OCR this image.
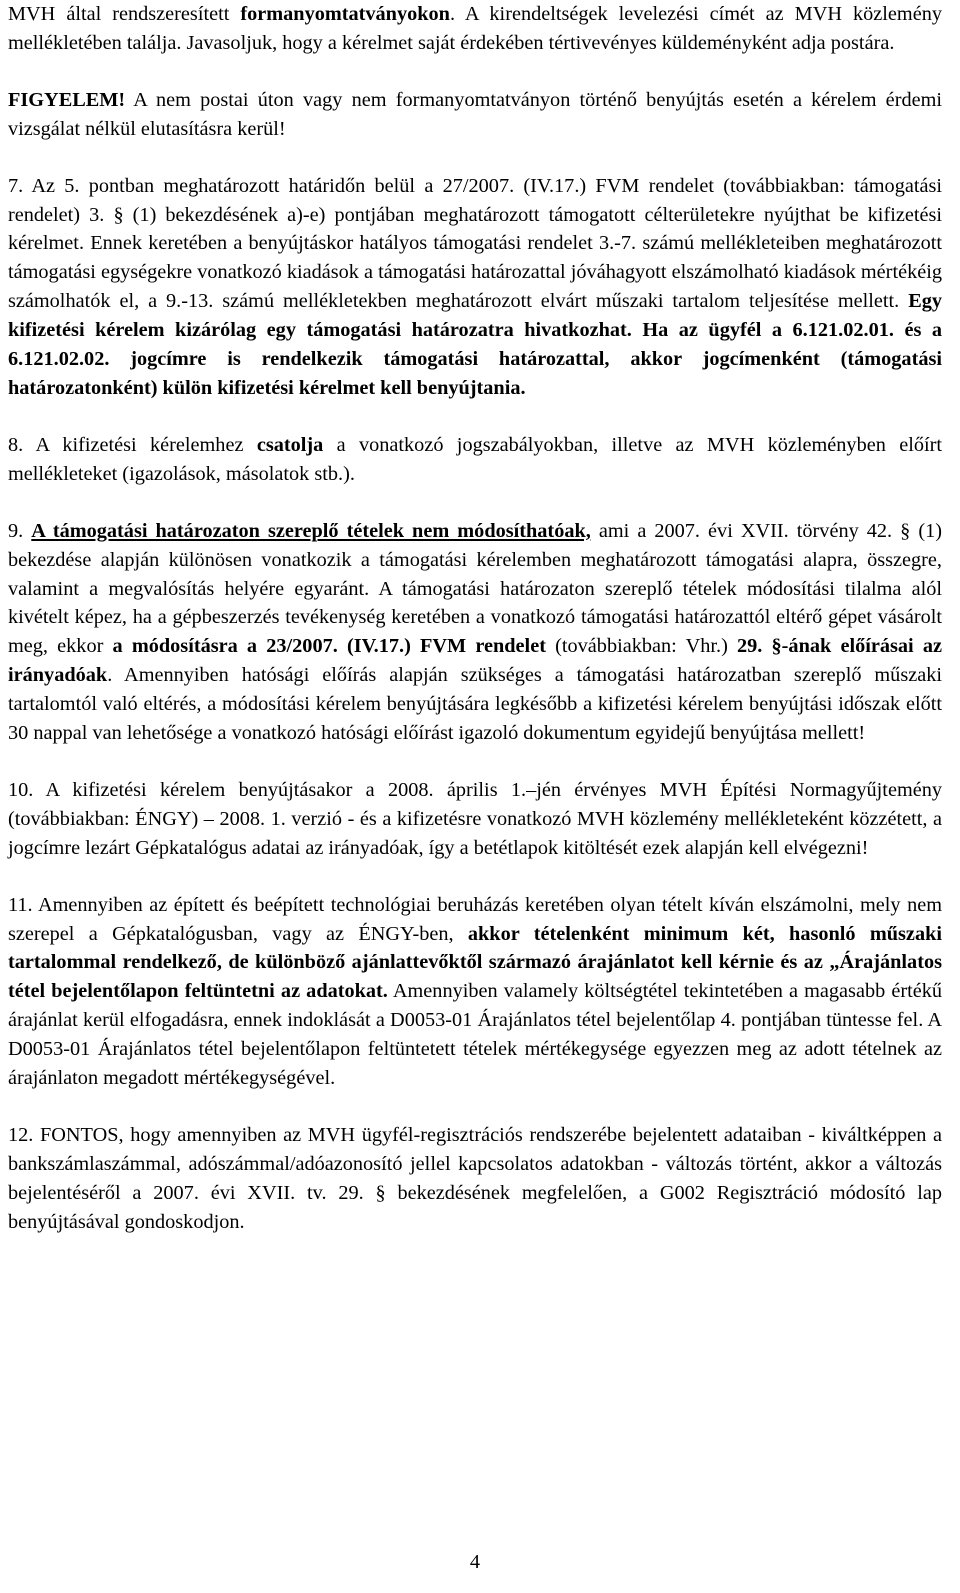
MVH által rendszeresített formanyomtatványokon. A kirendeltségek levelezési címét az MVH közlemény mellékletében találja. Javasoljuk, hogy a kérelmet saját érdekében tértivevényes küldeményként adja postára.

FIGYELEM! A nem postai úton vagy nem formanyomtatványon történő benyújtás esetén a kérelem érdemi vizsgálat nélkül elutasításra kerül!

7. Az 5. pontban meghatározott határidőn belül a 27/2007. (IV.17.) FVM rendelet (továbbiakban: támogatási rendelet) 3. § (1) bekezdésének a)-e) pontjában meghatározott támogatott célterületekre nyújthat be kifizetési kérelmet. Ennek keretében a benyújtáskor hatályos támogatási rendelet 3.-7. számú mellékleteiben meghatározott támogatási egységekre vonatkozó kiadások a támogatási határozattal jóváhagyott elszámolható kiadások mértékéig számolhatók el, a 9.-13. számú mellékletekben meghatározott elvárt műszaki tartalom teljesítése mellett. Egy kifizetési kérelem kizárólag egy támogatási határozatra hivatkozhat. Ha az ügyfél a 6.121.02.01. és a 6.121.02.02. jogcímre is rendelkezik támogatási határozattal, akkor jogcímenként (támogatási határozatonként) külön kifizetési kérelmet kell benyújtania.

8. A kifizetési kérelemhez csatolja a vonatkozó jogszabályokban, illetve az MVH közleményben előírt mellékleteket (igazolások, másolatok stb.).

9. A támogatási határozaton szereplő tételek nem módosíthatóak, ami a 2007. évi XVII. törvény 42. § (1) bekezdése alapján különösen vonatkozik a támogatási kérelemben meghatározott támogatási alapra, összegre, valamint a megvalósítás helyére egyaránt. A támogatási határozaton szereplő tételek módosítási tilalma alól kivételt képez, ha a gépbeszerzés tevékenység keretében a vonatkozó támogatási határozattól eltérő gépet vásárolt meg, ekkor a módosításra a 23/2007. (IV.17.) FVM rendelet (továbbiakban: Vhr.) 29. §-ának előírásai az irányadóak. Amennyiben hatósági előírás alapján szükséges a támogatási határozatban szereplő műszaki tartalomtól való eltérés, a módosítási kérelem benyújtására legkésőbb a kifizetési kérelem benyújtási időszak előtt 30 nappal van lehetősége a vonatkozó hatósági előírást igazoló dokumentum egyidejű benyújtása mellett!

10. A kifizetési kérelem benyújtásakor a 2008. április 1.–jén érvényes MVH Építési Normagyűjtemény (továbbiakban: ÉNGY) – 2008. 1. verzió - és a kifizetésre vonatkozó MVH közlemény mellékleteként közzétett, a jogcímre lezárt Gépkatalógus adatai az irányadóak, így a betétlapok kitöltését ezek alapján kell elvégezni!

11. Amennyiben az épített és beépített technológiai beruházás keretében olyan tételt kíván elszámolni, mely nem szerepel a Gépkatalógusban, vagy az ÉNGY-ben, akkor tételenként minimum két, hasonló műszaki tartalommal rendelkező, de különböző ajánlattevőktől származó árajánlatot kell kérnie és az „Árajánlatos tétel bejelentőlapon feltüntetni az adatokat. Amennyiben valamely költségtétel tekintetében a magasabb értékű árajánlat kerül elfogadásra, ennek indoklását a D0053-01 Árajánlatos tétel bejelentőlap 4. pontjában tüntesse fel. A D0053-01 Árajánlatos tétel bejelentőlapon feltüntetett tételek mértékegysége egyezzen meg az adott tételnek az árajánlaton megadott mértékegységével.

12. FONTOS, hogy amennyiben az MVH ügyfél-regisztrációs rendszerébe bejelentett adataiban - kiváltképpen a bankszámlaszámmal, adószámmal/adóazonosító jellel kapcsolatos adatokban - változás történt, akkor a változás bejelentéséről a 2007. évi XVII. tv. 29. § bekezdésének megfelelően, a G002 Regisztráció módosító lap benyújtásával gondoskodjon.

4
